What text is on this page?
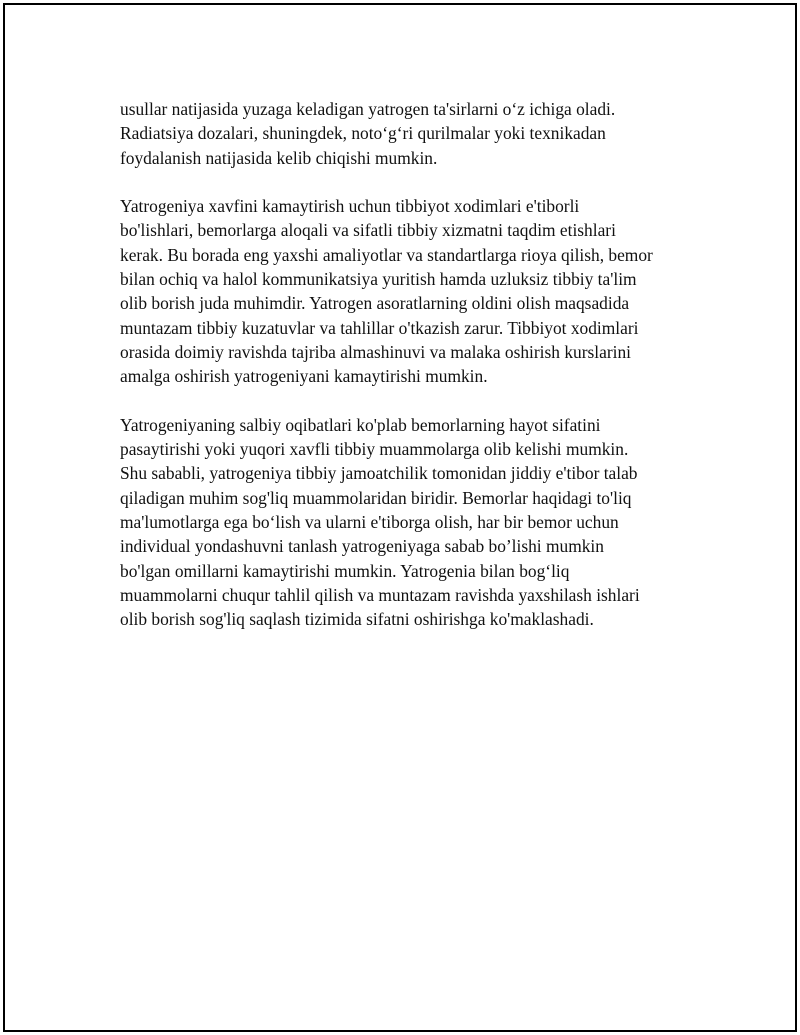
usullar natijasida yuzaga keladigan yatrogen ta'sirlarni o‘z ichiga oladi.
Radiatsiya dozalari, shuningdek, noto‘g‘ri qurilmalar yoki texnikadan
foydalanish natijasida kelib chiqishi mumkin.

Yatrogeniya xavfini kamaytirish uchun tibbiyot xodimlari e'tiborli
bo'lishlari, bemorlarga aloqali va sifatli tibbiy xizmatni taqdim etishlari
kerak. Bu borada eng yaxshi amaliyotlar va standartlarga rioya qilish, bemor
bilan ochiq va halol kommunikatsiya yuritish hamda uzluksiz tibbiy ta'lim
olib borish juda muhimdir. Yatrogen asoratlarning oldini olish maqsadida
muntazam tibbiy kuzatuvlar va tahlillar o'tkazish zarur. Tibbiyot xodimlari
orasida doimiy ravishda tajriba almashinuvi va malaka oshirish kurslarini
amalga oshirish yatrogeniyani kamaytirishi mumkin.

Yatrogeniyaning salbiy oqibatlari ko'plab bemorlarning hayot sifatini
pasaytirishi yoki yuqori xavfli tibbiy muammolarga olib kelishi mumkin.
Shu sababli, yatrogeniya tibbiy jamoatchilik tomonidan jiddiy e'tibor talab
qiladigan muhim sog'liq muammolaridan biridir. Bemorlar haqidagi to'liq
ma'lumotlarga ega bo‘lish va ularni e'tiborga olish, har bir bemor uchun
individual yondashuvni tanlash yatrogeniyaga sabab bo’lishi mumkin
bo'lgan omillarni kamaytirishi mumkin. Yatrogenia bilan bog‘liq
muammolarni chuqur tahlil qilish va muntazam ravishda yaxshilash ishlari
olib borish sog'liq saqlash tizimida sifatni oshirishga ko'maklashadi.
